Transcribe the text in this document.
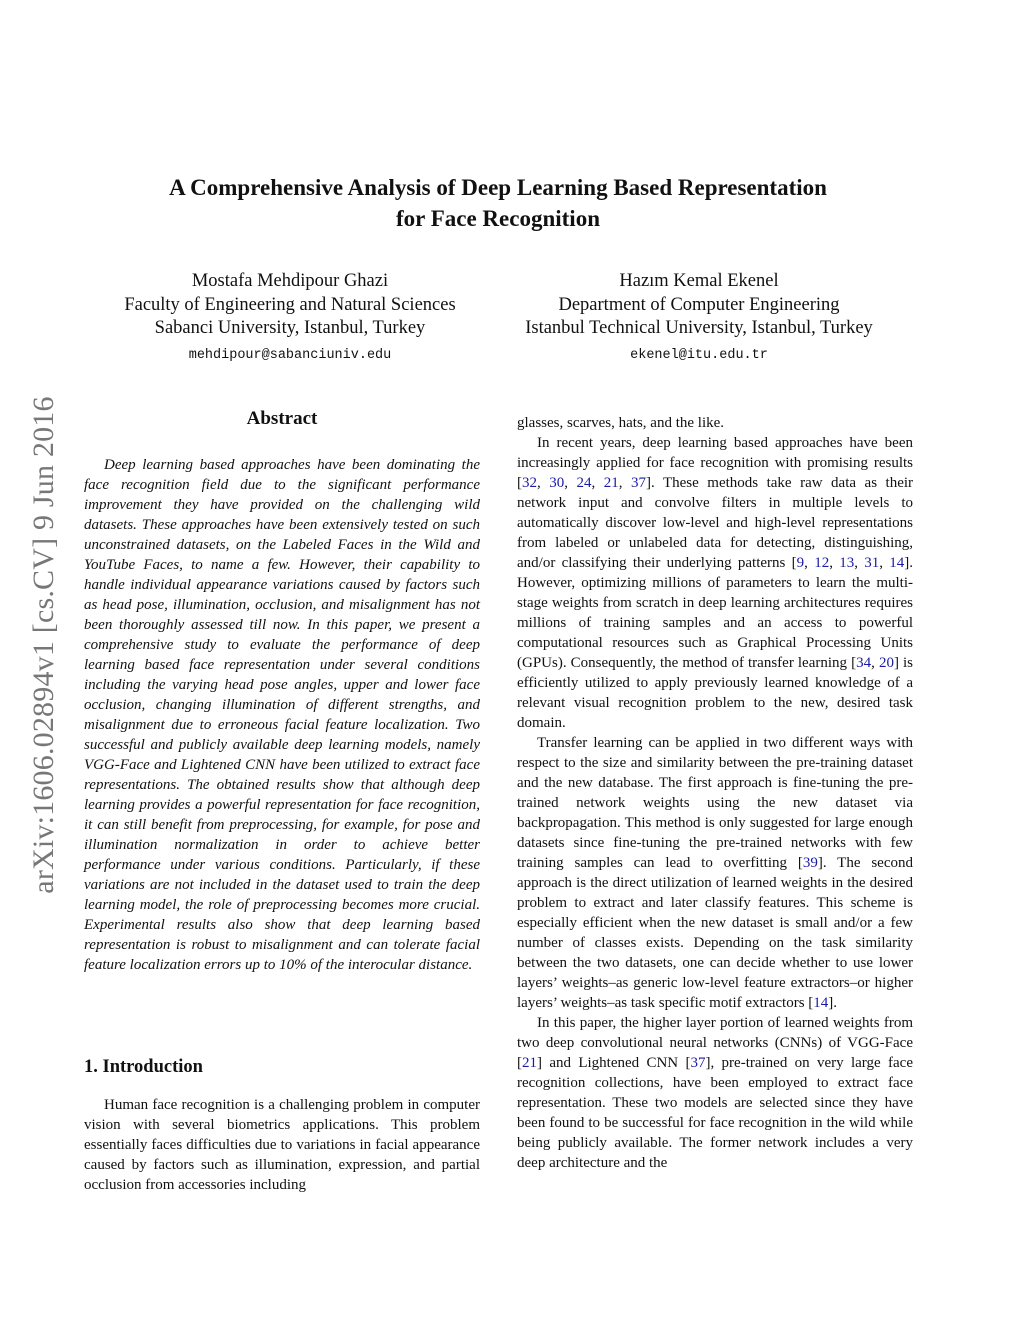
arXiv:1606.02894v1 [cs.CV] 9 Jun 2016
A Comprehensive Analysis of Deep Learning Based Representation
for Face Recognition
Mostafa Mehdipour Ghazi
Faculty of Engineering and Natural Sciences
Sabanci University, Istanbul, Turkey
mehdipour@sabanciuniv.edu
Hazım Kemal Ekenel
Department of Computer Engineering
Istanbul Technical University, Istanbul, Turkey
ekenel@itu.edu.tr
Abstract

Deep learning based approaches have been dominating the face recognition field due to the significant performance improvement they have provided on the challenging wild datasets. These approaches have been extensively tested on such unconstrained datasets, on the Labeled Faces in the Wild and YouTube Faces, to name a few. However, their capability to handle individual appearance variations caused by factors such as head pose, illumination, occlusion, and misalignment has not been thoroughly assessed till now. In this paper, we present a comprehensive study to evaluate the performance of deep learning based face representation under several conditions including the varying head pose angles, upper and lower face occlusion, changing illumination of different strengths, and misalignment due to erroneous facial feature localization. Two successful and publicly available deep learning models, namely VGG-Face and Lightened CNN have been utilized to extract face representations. The obtained results show that although deep learning provides a powerful representation for face recognition, it can still benefit from preprocessing, for example, for pose and illumination normalization in order to achieve better performance under various conditions. Particularly, if these variations are not included in the dataset used to train the deep learning model, the role of preprocessing becomes more crucial. Experimental results also show that deep learning based representation is robust to misalignment and can tolerate facial feature localization errors up to 10% of the interocular distance.

1. Introduction

Human face recognition is a challenging problem in computer vision with several biometrics applications. This problem essentially faces difficulties due to variations in facial appearance caused by factors such as illumination, expression, and partial occlusion from accessories including

glasses, scarves, hats, and the like.

In recent years, deep learning based approaches have been increasingly applied for face recognition with promising results [32, 30, 24, 21, 37]. These methods take raw data as their network input and convolve filters in multiple levels to automatically discover low-level and high-level representations from labeled or unlabeled data for detecting, distinguishing, and/or classifying their underlying patterns [9, 12, 13, 31, 14]. However, optimizing millions of parameters to learn the multi-stage weights from scratch in deep learning architectures requires millions of training samples and an access to powerful computational resources such as Graphical Processing Units (GPUs). Consequently, the method of transfer learning [34, 20] is efficiently utilized to apply previously learned knowledge of a relevant visual recognition problem to the new, desired task domain.

Transfer learning can be applied in two different ways with respect to the size and similarity between the pre-training dataset and the new database. The first approach is fine-tuning the pre-trained network weights using the new dataset via backpropagation. This method is only suggested for large enough datasets since fine-tuning the pre-trained networks with few training samples can lead to overfitting [39]. The second approach is the direct utilization of learned weights in the desired problem to extract and later classify features. This scheme is especially efficient when the new dataset is small and/or a few number of classes exists. Depending on the task similarity between the two datasets, one can decide whether to use lower layers’ weights–as generic low-level feature extractors–or higher layers’ weights–as task specific motif extractors [14].

In this paper, the higher layer portion of learned weights from two deep convolutional neural networks (CNNs) of VGG-Face [21] and Lightened CNN [37], pre-trained on very large face recognition collections, have been employed to extract face representation. These two models are selected since they have been found to be successful for face recognition in the wild while being publicly available. The former network includes a very deep architecture and the
